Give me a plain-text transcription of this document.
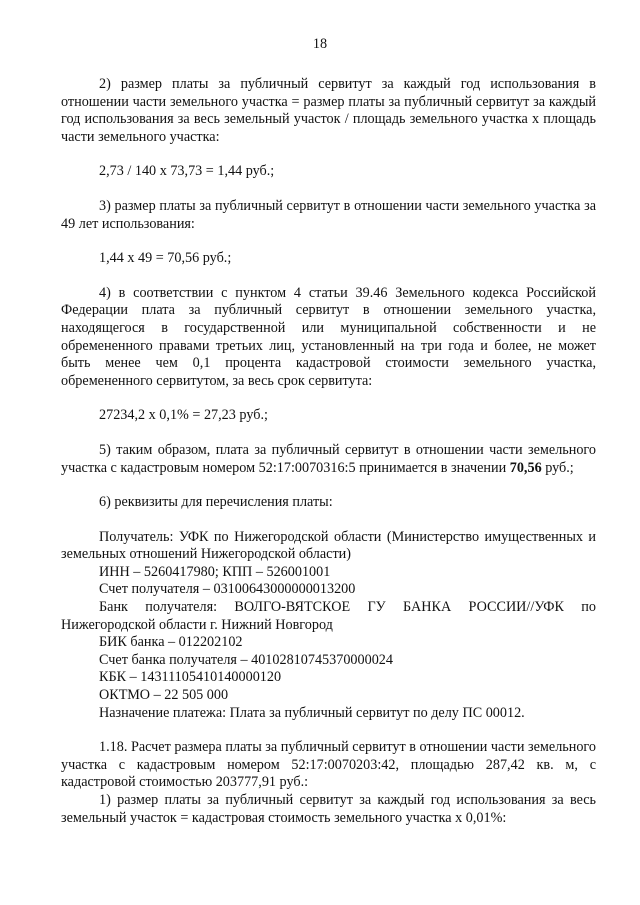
18

2) размер платы за публичный сервитут за каждый год использования в отношении части земельного участка = размер платы за публичный сервитут за каждый год использования за весь земельный участок / площадь земельного участка х площадь части земельного участка:

2,73 / 140 х 73,73 = 1,44 руб.;

3) размер платы за публичный сервитут в отношении части земельного участка за 49 лет использования:

1,44 х 49 = 70,56 руб.;

4) в соответствии с пунктом 4 статьи 39.46 Земельного кодекса Российской Федерации плата за публичный сервитут в отношении земельного участка, находящегося в государственной или муниципальной собственности и не обремененного правами третьих лиц, установленный на три года и более, не может быть менее чем 0,1 процента кадастровой стоимости земельного участка, обремененного сервитутом, за весь срок сервитута:

27234,2 х 0,1% = 27,23 руб.;

5) таким образом, плата за публичный сервитут в отношении части земельного участка с кадастровым номером 52:17:0070316:5 принимается в значении 70,56 руб.;

6) реквизиты для перечисления платы:

Получатель: УФК по Нижегородской области (Министерство имущественных и земельных отношений Нижегородской области)

ИНН – 5260417980; КПП – 526001001

Счет получателя – 03100643000000013200

Банк получателя: ВОЛГО-ВЯТСКОЕ ГУ БАНКА РОССИИ//УФК по Нижегородской области г. Нижний Новгород

БИК банка – 012202102

Счет банка получателя – 40102810745370000024

КБК – 14311105410140000120

ОКТМО – 22 505 000

Назначение платежа: Плата за публичный сервитут по делу ПС 00012.

1.18. Расчет размера платы за публичный сервитут в отношении части земельного участка с кадастровым номером 52:17:0070203:42, площадью 287,42 кв. м, с кадастровой стоимостью 203777,91 руб.:

1) размер платы за публичный сервитут за каждый год использования за весь земельный участок = кадастровая стоимость земельного участка х 0,01%:
